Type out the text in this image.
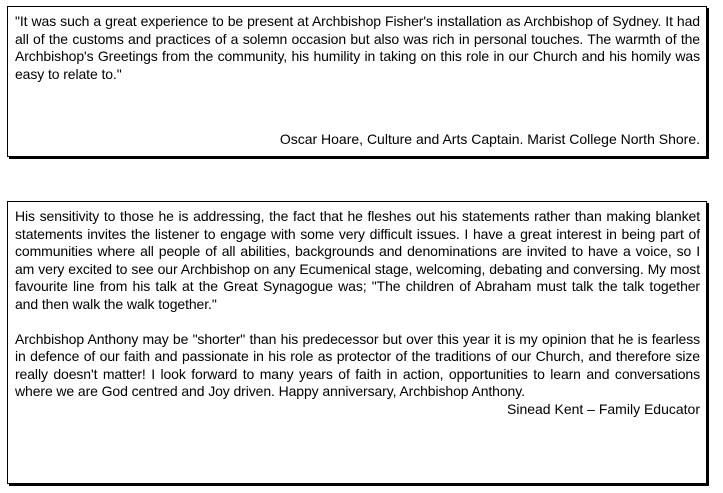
"It was such a great experience to be present at Archbishop Fisher's installation as Archbishop of Sydney. It had all of the customs and practices of a solemn occasion but also was rich in personal touches. The warmth of the Archbishop's Greetings from the community, his humility in taking on this role in our Church and his homily was easy to relate to."

Oscar Hoare, Culture and Arts Captain. Marist College North Shore.

His sensitivity to those he is addressing, the fact that he fleshes out his statements rather than making blanket statements invites the listener to engage with some very difficult issues. I have a great interest in being part of communities where all people of all abilities, backgrounds and denominations are invited to have a voice, so I am very excited to see our Archbishop on any Ecumenical stage, welcoming, debating and conversing. My most favourite line from his talk at the Great Synagogue was; "The children of Abraham must talk the talk together and then walk the walk together."

Archbishop Anthony may be "shorter" than his predecessor but over this year it is my opinion that he is fearless in defence of our faith and passionate in his role as protector of the traditions of our Church, and therefore size really doesn't matter! I look forward to many years of faith in action, opportunities to learn and conversations where we are God centred and Joy driven. Happy anniversary, Archbishop Anthony.

Sinead Kent – Family Educator
